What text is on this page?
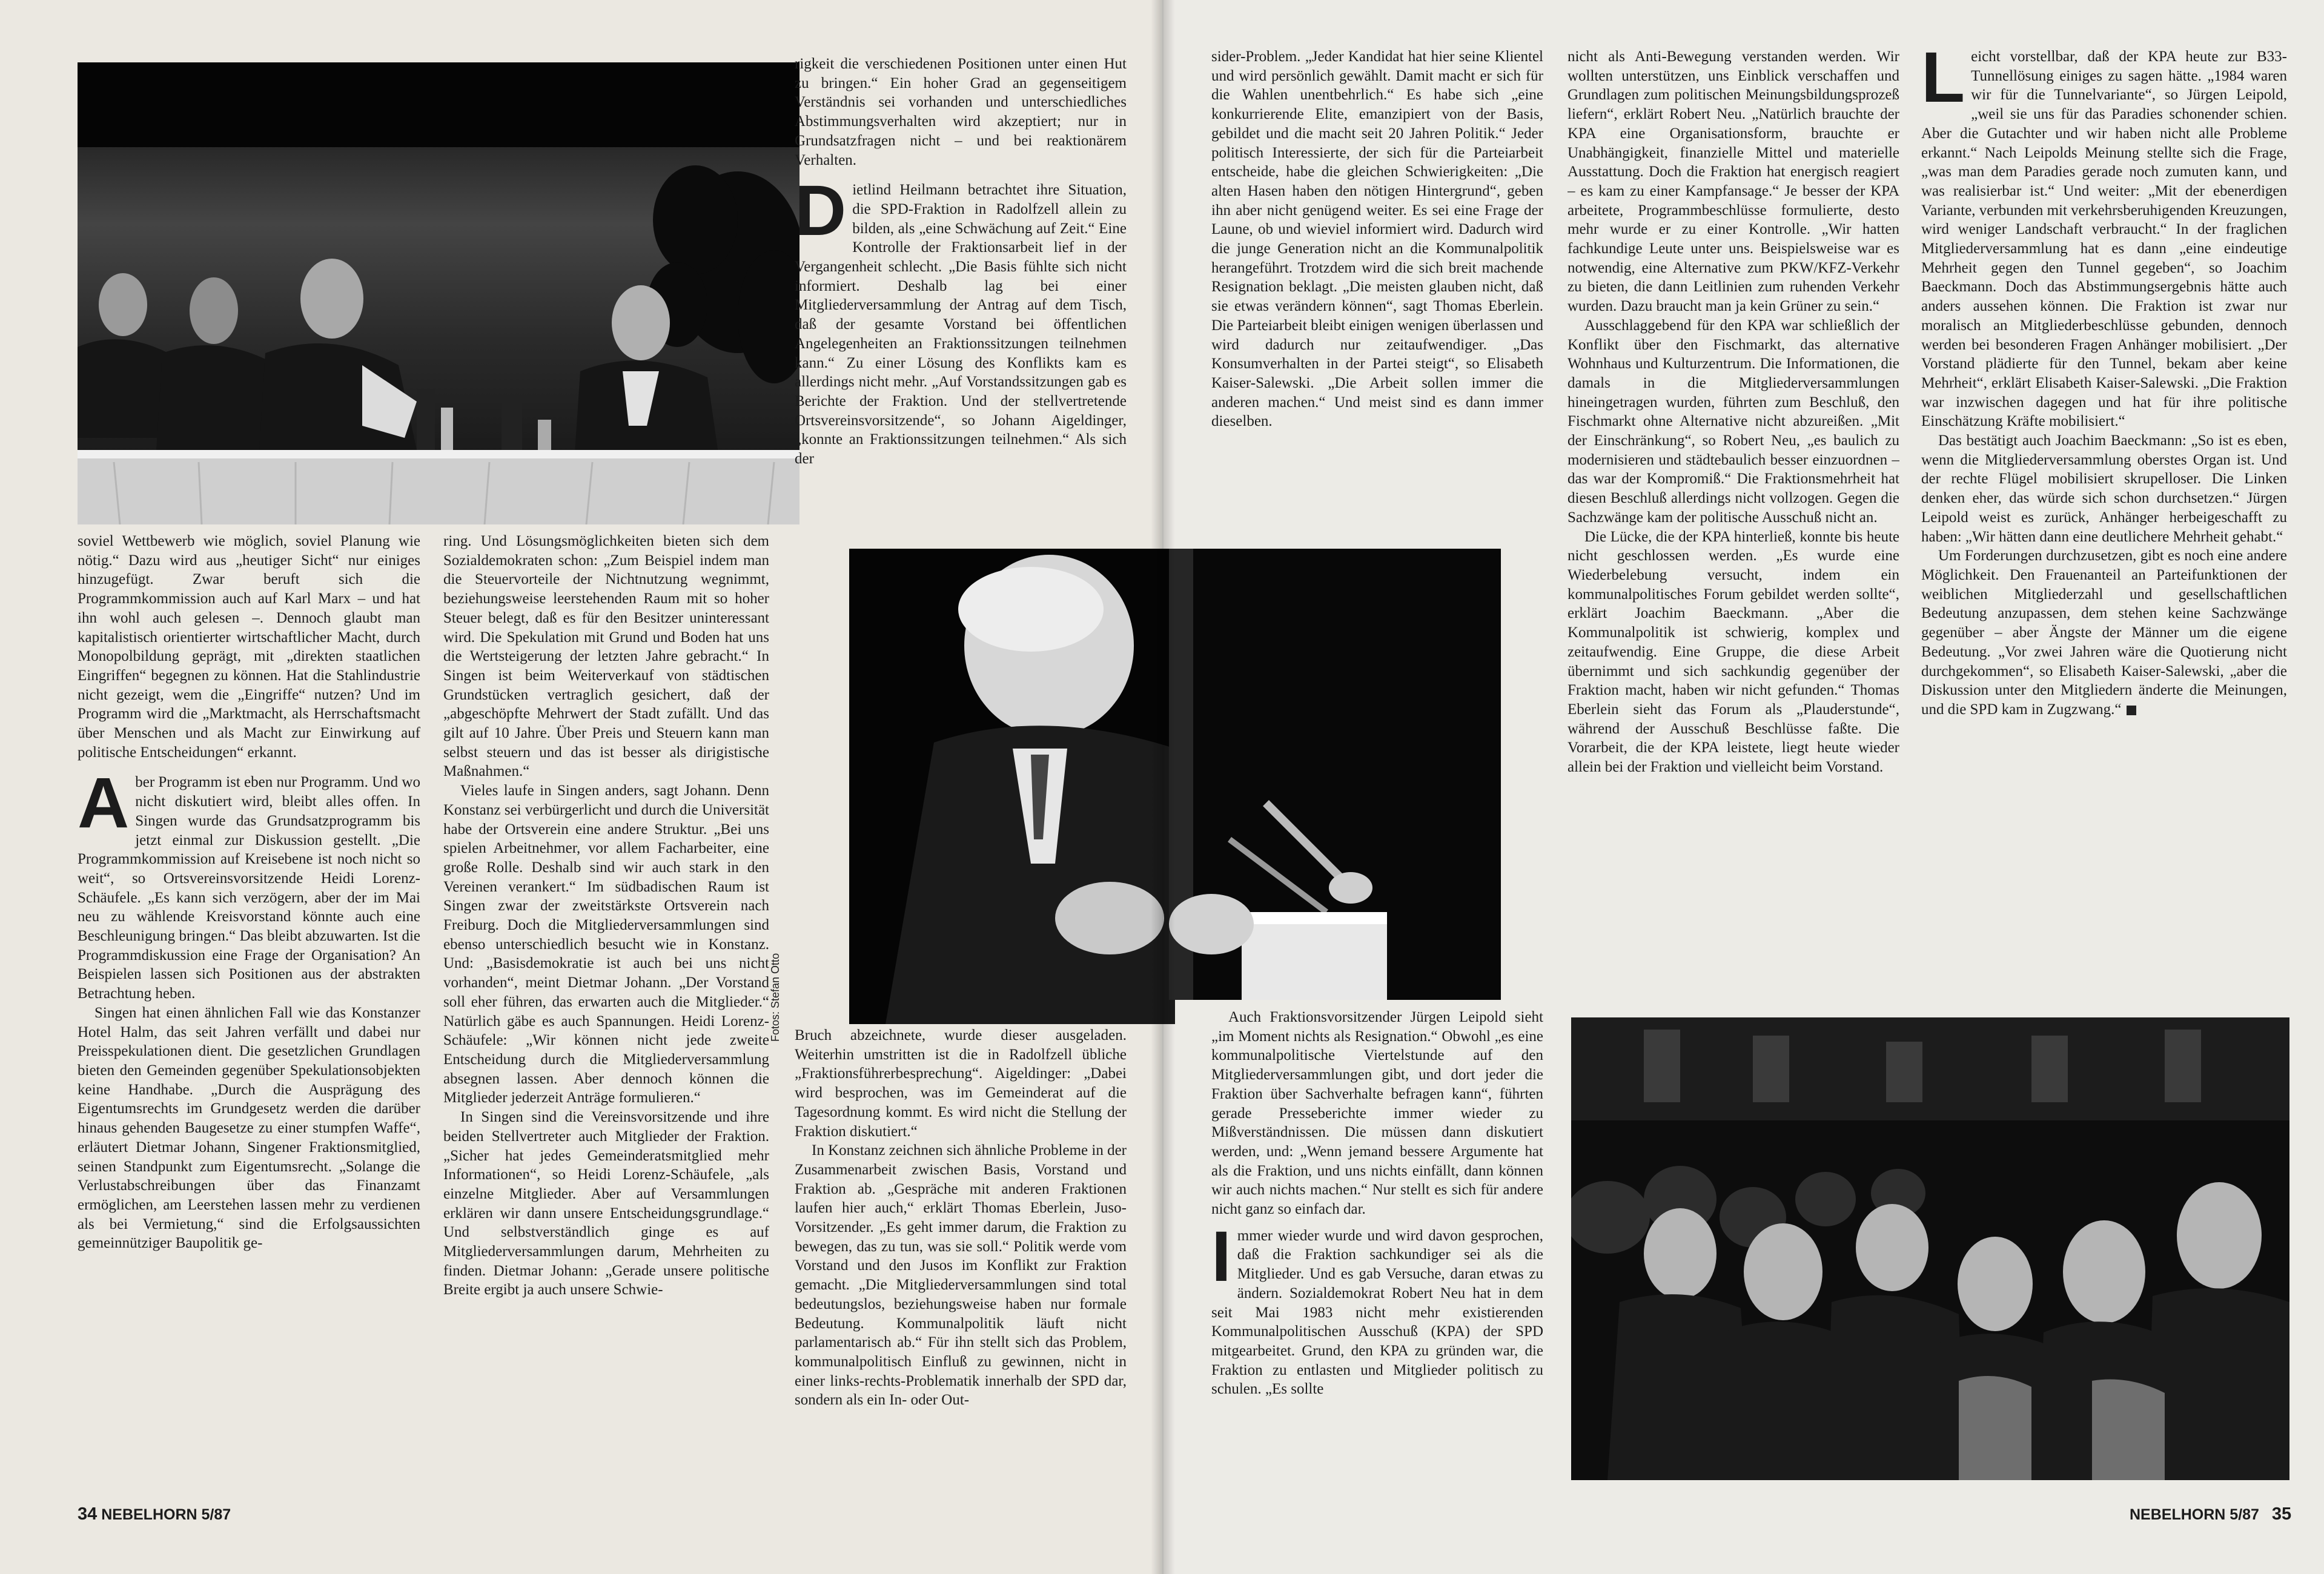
soviel Wettbewerb wie möglich, soviel Planung wie nötig.“ Dazu wird aus „heutiger Sicht“ nur einiges hinzugefügt. Zwar beruft sich die Programmkommission auch auf Karl Marx – und hat ihn wohl auch gelesen –. Dennoch glaubt man kapitalistisch orientierter wirtschaftlicher Macht, durch Monopolbildung geprägt, mit „direkten staatlichen Eingriffen“ begegnen zu können. Hat die Stahlindustrie nicht gezeigt, wem die „Eingriffe“ nutzen? Und im Programm wird die „Marktmacht, als Herrschaftsmacht über Menschen und als Macht zur Einwirkung auf politische Entscheidungen“ erkannt.

Aber Programm ist eben nur Programm. Und wo nicht diskutiert wird, bleibt alles offen. In Singen wurde das Grundsatzprogramm bis jetzt einmal zur Diskussion gestellt. „Die Programmkommission auf Kreisebene ist noch nicht so weit“, so Ortsvereinsvorsitzende Heidi Lorenz-Schäufele. „Es kann sich verzögern, aber der im Mai neu zu wählende Kreisvorstand könnte auch eine Beschleunigung bringen.“ Das bleibt abzuwarten. Ist die Programmdiskussion eine Frage der Organisation? An Beispielen lassen sich Positionen aus der abstrakten Betrachtung heben.

Singen hat einen ähnlichen Fall wie das Konstanzer Hotel Halm, das seit Jahren verfällt und dabei nur Preisspekulationen dient. Die gesetzlichen Grundlagen bieten den Gemeinden gegenüber Spekulationsobjekten keine Handhabe. „Durch die Ausprägung des Eigentumsrechts im Grundgesetz werden die darüber hinaus gehenden Baugesetze zu einer stumpfen Waffe“, erläutert Dietmar Johann, Singener Fraktionsmitglied, seinen Standpunkt zum Eigentumsrecht. „Solange die Verlustabschreibungen über das Finanzamt ermöglichen, am Leerstehen lassen mehr zu verdienen als bei Vermietung,“ sind die Erfolgsaussichten gemeinnütziger Baupolitik ge-

ring. Und Lösungsmöglichkeiten bieten sich dem Sozialdemokraten schon: „Zum Beispiel indem man die Steuervorteile der Nichtnutzung wegnimmt, beziehungsweise leerstehenden Raum mit so hoher Steuer belegt, daß es für den Besitzer uninteressant wird. Die Spekulation mit Grund und Boden hat uns die Wertsteigerung der letzten Jahre gebracht.“ In Singen ist beim Weiterverkauf von städtischen Grundstücken vertraglich gesichert, daß der „abgeschöpfte Mehrwert der Stadt zufällt. Und das gilt auf 10 Jahre. Über Preis und Steuern kann man selbst steuern und das ist besser als dirigistische Maßnahmen.“

Vieles laufe in Singen anders, sagt Johann. Denn Konstanz sei verbürgerlicht und durch die Universität habe der Ortsverein eine andere Struktur. „Bei uns spielen Arbeitnehmer, vor allem Facharbeiter, eine große Rolle. Deshalb sind wir auch stark in den Vereinen verankert.“ Im südbadischen Raum ist Singen zwar der zweitstärkste Ortsverein nach Freiburg. Doch die Mitgliederversammlungen sind ebenso unterschiedlich besucht wie in Konstanz. Und: „Basisdemokratie ist auch bei uns nicht vorhanden“, meint Dietmar Johann. „Der Vorstand soll eher führen, das erwarten auch die Mitglieder.“ Natürlich gäbe es auch Spannungen. Heidi Lorenz-Schäufele: „Wir können nicht jede zweite Entscheidung durch die Mitgliederversammlung absegnen lassen. Aber dennoch können die Mitglieder jederzeit Anträge formulieren.“

In Singen sind die Vereinsvorsitzende und ihre beiden Stellvertreter auch Mitglieder der Fraktion. „Sicher hat jedes Gemeinderatsmitglied mehr Informationen“, so Heidi Lorenz-Schäufele, „als einzelne Mitglieder. Aber auf Versammlungen erklären wir dann unsere Entscheidungsgrundlage.“ Und selbstverständlich ginge es auf Mitgliederversammlungen darum, Mehrheiten zu finden. Dietmar Johann: „Gerade unsere politische Breite ergibt ja auch unsere Schwie-

rigkeit die verschiedenen Positionen unter einen Hut zu bringen.“ Ein hoher Grad an gegenseitigem Verständnis sei vorhanden und unterschiedliches Abstimmungsverhalten wird akzeptiert; nur in Grundsatzfragen nicht – und bei reaktionärem Verhalten.

Dietlind Heilmann betrachtet ihre Situation, die SPD-Fraktion in Radolfzell allein zu bilden, als „eine Schwächung auf Zeit.“ Eine Kontrolle der Fraktionsarbeit lief in der Vergangenheit schlecht. „Die Basis fühlte sich nicht informiert. Deshalb lag bei einer Mitgliederversammlung der Antrag auf dem Tisch, daß der gesamte Vorstand bei öffentlichen Angelegenheiten an Fraktionssitzungen teilnehmen kann.“ Zu einer Lösung des Konflikts kam es allerdings nicht mehr. „Auf Vorstandssitzungen gab es Berichte der Fraktion. Und der stellvertretende Ortsvereinsvorsitzende“, so Johann Aigeldinger, „konnte an Fraktionssitzungen teilnehmen.“ Als sich der

Bruch abzeichnete, wurde dieser ausgeladen. Weiterhin umstritten ist die in Radolfzell übliche „Fraktionsführerbesprechung“. Aigeldinger: „Dabei wird besprochen, was im Gemeinderat auf die Tagesordnung kommt. Es wird nicht die Stellung der Fraktion diskutiert.“

In Konstanz zeichnen sich ähnliche Probleme in der Zusammenarbeit zwischen Basis, Vorstand und Fraktion ab. „Gespräche mit anderen Fraktionen laufen hier auch,“ erklärt Thomas Eberlein, Juso-Vorsitzender. „Es geht immer darum, die Fraktion zu bewegen, das zu tun, was sie soll.“ Politik werde vom Vorstand und den Jusos im Konflikt zur Fraktion gemacht. „Die Mitgliederversammlungen sind total bedeutungslos, beziehungsweise haben nur formale Bedeutung. Kommunalpolitik läuft nicht parlamentarisch ab.“ Für ihn stellt sich das Problem, kommunalpolitisch Einfluß zu gewinnen, nicht in einer links-rechts-Problematik innerhalb der SPD dar, sondern als ein In- oder Out-

Fotos: Stefan Otto
34 NEBELHORN 5/87

sider-Problem. „Jeder Kandidat hat hier seine Klientel und wird persönlich gewählt. Damit macht er sich für die Wahlen unentbehrlich.“ Es habe sich „eine konkurrierende Elite, emanzipiert von der Basis, gebildet und die macht seit 20 Jahren Politik.“ Jeder politisch Interessierte, der sich für die Parteiarbeit entscheide, habe die gleichen Schwierigkeiten: „Die alten Hasen haben den nötigen Hintergrund“, geben ihn aber nicht genügend weiter. Es sei eine Frage der Laune, ob und wieviel informiert wird. Dadurch wird die junge Generation nicht an die Kommunalpolitik herangeführt. Trotzdem wird die sich breit machende Resignation beklagt. „Die meisten glauben nicht, daß sie etwas verändern können“, sagt Thomas Eberlein. Die Parteiarbeit bleibt einigen wenigen überlassen und wird dadurch nur zeitaufwendiger. „Das Konsumverhalten in der Partei steigt“, so Elisabeth Kaiser-Salewski. „Die Arbeit sollen immer die anderen machen.“ Und meist sind es dann immer dieselben.

Auch Fraktionsvorsitzender Jürgen Leipold sieht „im Moment nichts als Resignation.“ Obwohl „es eine kommunalpolitische Viertelstunde auf den Mitgliederversammlungen gibt, und dort jeder die Fraktion über Sachverhalte befragen kann“, führten gerade Presseberichte immer wieder zu Mißverständnissen. Die müssen dann diskutiert werden, und: „Wenn jemand bessere Argumente hat als die Fraktion, und uns nichts einfällt, dann können wir auch nichts machen.“ Nur stellt es sich für andere nicht ganz so einfach dar.

Immer wieder wurde und wird davon gesprochen, daß die Fraktion sachkundiger sei als die Mitglieder. Und es gab Versuche, daran etwas zu ändern. Sozialdemokrat Robert Neu hat in dem seit Mai 1983 nicht mehr existierenden Kommunalpolitischen Ausschuß (KPA) der SPD mitgearbeitet. Grund, den KPA zu gründen war, die Fraktion zu entlasten und Mitglieder politisch zu schulen. „Es sollte

nicht als Anti-Bewegung verstanden werden. Wir wollten unterstützen, uns Einblick verschaffen und Grundlagen zum politischen Meinungsbildungsprozeß liefern“, erklärt Robert Neu. „Natürlich brauchte der KPA eine Organisationsform, brauchte er Unabhängigkeit, finanzielle Mittel und materielle Ausstattung. Doch die Fraktion hat energisch reagiert – es kam zu einer Kampfansage.“ Je besser der KPA arbeitete, Programmbeschlüsse formulierte, desto mehr wurde er zu einer Kontrolle. „Wir hatten fachkundige Leute unter uns. Beispielsweise war es notwendig, eine Alternative zum PKW/KFZ-Verkehr zu bieten, die dann Leitlinien zum ruhenden Verkehr wurden. Dazu braucht man ja kein Grüner zu sein.“

Ausschlaggebend für den KPA war schließlich der Konflikt über den Fischmarkt, das alternative Wohnhaus und Kulturzentrum. Die Informationen, die damals in die Mitgliederversammlungen hineingetragen wurden, führten zum Beschluß, den Fischmarkt ohne Alternative nicht abzureißen. „Mit der Einschränkung“, so Robert Neu, „es baulich zu modernisieren und städtebaulich besser einzuordnen – das war der Kompromiß.“ Die Fraktionsmehrheit hat diesen Beschluß allerdings nicht vollzogen. Gegen die Sachzwänge kam der politische Ausschuß nicht an.

Die Lücke, die der KPA hinterließ, konnte bis heute nicht geschlossen werden. „Es wurde eine Wiederbelebung versucht, indem ein kommunalpolitisches Forum gebildet werden sollte“, erklärt Joachim Baeckmann. „Aber die Kommunalpolitik ist schwierig, komplex und zeitaufwendig. Eine Gruppe, die diese Arbeit übernimmt und sich sachkundig gegenüber der Fraktion macht, haben wir nicht gefunden.“ Thomas Eberlein sieht das Forum als „Plauderstunde“, während der Ausschuß Beschlüsse faßte. Die Vorarbeit, die der KPA leistete, liegt heute wieder allein bei der Fraktion und vielleicht beim Vorstand.

Leicht vorstellbar, daß der KPA heute zur B33-Tunnellösung einiges zu sagen hätte. „1984 waren wir für die Tunnelvariante“, so Jürgen Leipold, „weil sie uns für das Paradies schonender schien. Aber die Gutachter und wir haben nicht alle Probleme erkannt.“ Nach Leipolds Meinung stellte sich die Frage, „was man dem Paradies gerade noch zumuten kann, und was realisierbar ist.“ Und weiter: „Mit der ebenerdigen Variante, verbunden mit verkehrsberuhigenden Kreuzungen, wird weniger Landschaft verbraucht.“ In der fraglichen Mitgliederversammlung hat es dann „eine eindeutige Mehrheit gegen den Tunnel gegeben“, so Joachim Baeckmann. Doch das Abstimmungsergebnis hätte auch anders aussehen können. Die Fraktion ist zwar nur moralisch an Mitgliederbeschlüsse gebunden, dennoch werden bei besonderen Fragen Anhänger mobilisiert. „Der Vorstand plädierte für den Tunnel, bekam aber keine Mehrheit“, erklärt Elisabeth Kaiser-Salewski. „Die Fraktion war inzwischen dagegen und hat für ihre politische Einschätzung Kräfte mobilisiert.“

Das bestätigt auch Joachim Baeckmann: „So ist es eben, wenn die Mitgliederversammlung oberstes Organ ist. Und der rechte Flügel mobilisiert skrupelloser. Die Linken denken eher, das würde sich schon durchsetzen.“ Jürgen Leipold weist es zurück, Anhänger herbeigeschafft zu haben: „Wir hätten dann eine deutlichere Mehrheit gehabt.“

Um Forderungen durchzusetzen, gibt es noch eine andere Möglichkeit. Den Frauenanteil an Parteifunktionen der weiblichen Mitgliederzahl und gesellschaftlichen Bedeutung anzupassen, dem stehen keine Sachzwänge gegenüber – aber Ängste der Männer um die eigene Bedeutung. „Vor zwei Jahren wäre die Quotierung nicht durchgekommen“, so Elisabeth Kaiser-Salewski, „aber die Diskussion unter den Mitgliedern änderte die Meinungen, und die SPD kam in Zugzwang.“

NEBELHORN 5/87 35
